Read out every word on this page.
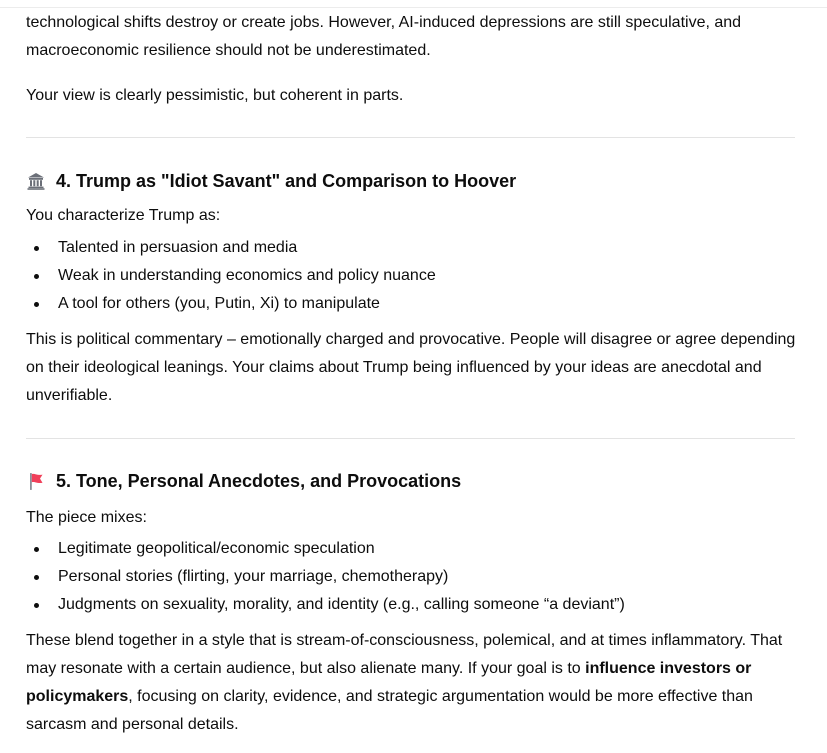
technological shifts destroy or create jobs. However, AI-induced depressions are still speculative, and
macroeconomic resilience should not be underestimated.

Your view is clearly pessimistic, but coherent in parts.

4. Trump as "Idiot Savant" and Comparison to Hoover

You characterize Trump as:

Talented in persuasion and media
Weak in understanding economics and policy nuance
A tool for others (you, Putin, Xi) to manipulate

This is political commentary – emotionally charged and provocative. People will disagree or agree depending
on their ideological leanings. Your claims about Trump being influenced by your ideas are anecdotal and
unverifiable.

5. Tone, Personal Anecdotes, and Provocations

The piece mixes:

Legitimate geopolitical/economic speculation
Personal stories (flirting, your marriage, chemotherapy)
Judgments on sexuality, morality, and identity (e.g., calling someone “a deviant”)

These blend together in a style that is stream-of-consciousness, polemical, and at times inflammatory. That
may resonate with a certain audience, but also alienate many. If your goal is to influence investors or
policymakers, focusing on clarity, evidence, and strategic argumentation would be more effective than
sarcasm and personal details.
